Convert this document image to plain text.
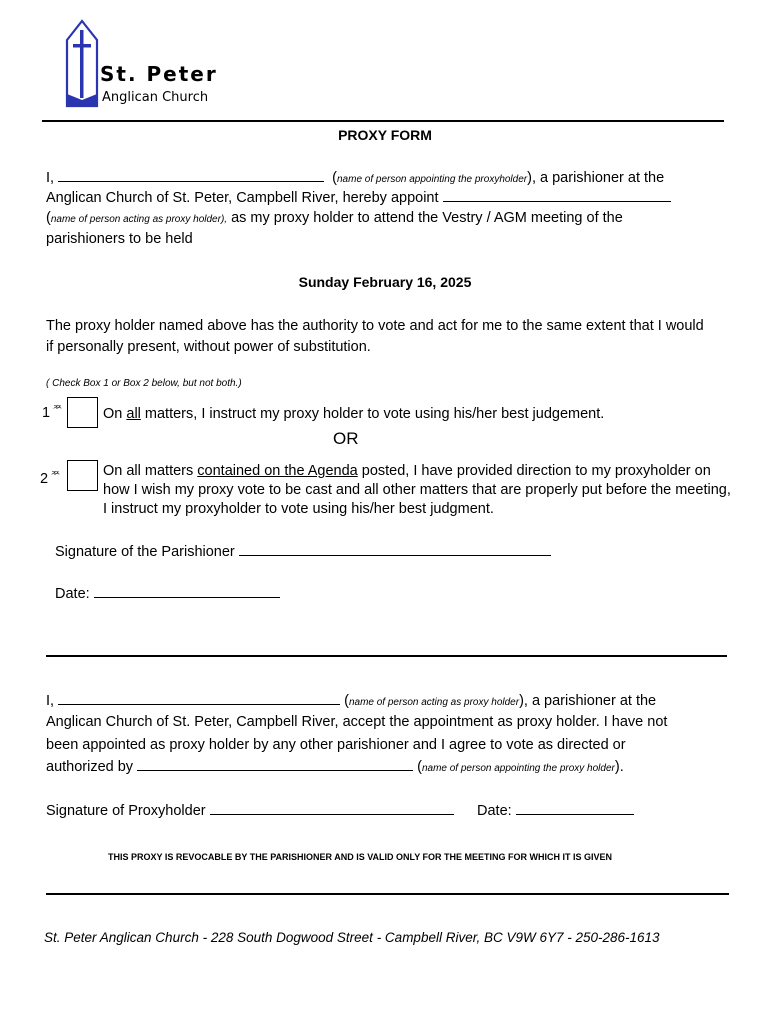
St. Peter
Anglican Church
PROXY FORM
I,	(name of person appointing the proxyholder), a parishioner at the
Anglican Church of St. Peter, Campbell River, hereby appoint
(name of person acting as proxy holder), as my proxy holder to attend the Vestry / AGM meeting of the
parishioners to be held
Sunday February 16, 2025
The proxy holder named above has the authority to vote and act for me to the same extent that I would
if personally present, without power of substitution.
( Check Box 1 or Box 2 below, but not both.)
1 ᄍ	On all matters, I instruct my proxy holder to vote using his/her best judgement.
OR
2 ᄍ	On all matters contained on the Agenda posted, I have provided direction to my proxyholder on
how I wish my proxy vote to be cast and all other matters that are properly put before the meeting,
I instruct my proxyholder to vote using his/her best judgment.
Signature of the Parishioner
Date:
I,	(name of person acting as proxy holder), a parishioner at the
Anglican Church of St. Peter, Campbell River, accept the appointment as proxy holder. I have not
been appointed as proxy holder by any other parishioner and I agree to vote as directed or
authorized by	(name of person appointing the proxy holder).
Signature of Proxyholder	Date:
THIS PROXY IS REVOCABLE BY THE PARISHIONER AND IS VALID ONLY FOR THE MEETING FOR WHICH IT IS GIVEN
St. Peter Anglican Church - 228 South Dogwood Street - Campbell River, BC V9W 6Y7 - 250-286-1613
